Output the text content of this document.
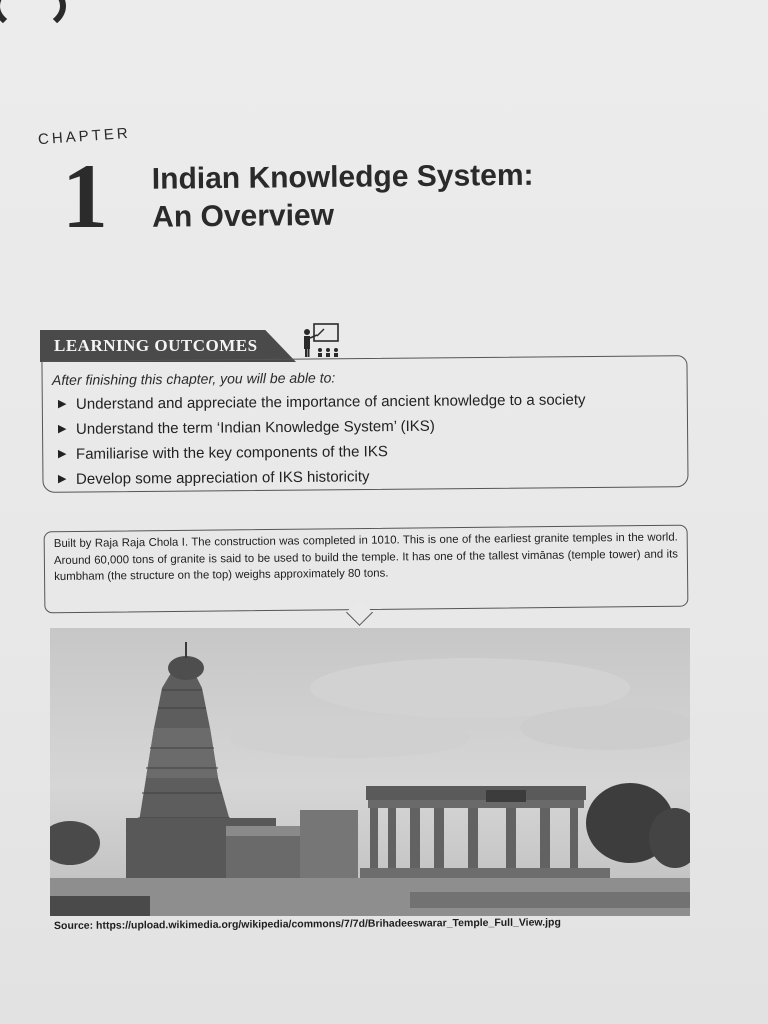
CHAPTER
1 Indian Knowledge System:
An Overview
LEARNING OUTCOMES
After finishing this chapter, you will be able to:
▶ Understand and appreciate the importance of ancient knowledge to a society
▶ Understand the term ‘Indian Knowledge System’ (IKS)
▶ Familiarise with the key components of the IKS
▶ Develop some appreciation of IKS historicity
Built by Raja Raja Chola I. The construction was completed in 1010. This is one of the earliest granite temples in the world. Around 60,000 tons of granite is said to be used to build the temple. It has one of the tallest vimānas (temple tower) and its kumbham (the structure on the top) weighs approximately 80 tons.
Source: https://upload.wikimedia.org/wikipedia/commons/7/7d/Brihadeeswarar_Temple_Full_View.jpg
